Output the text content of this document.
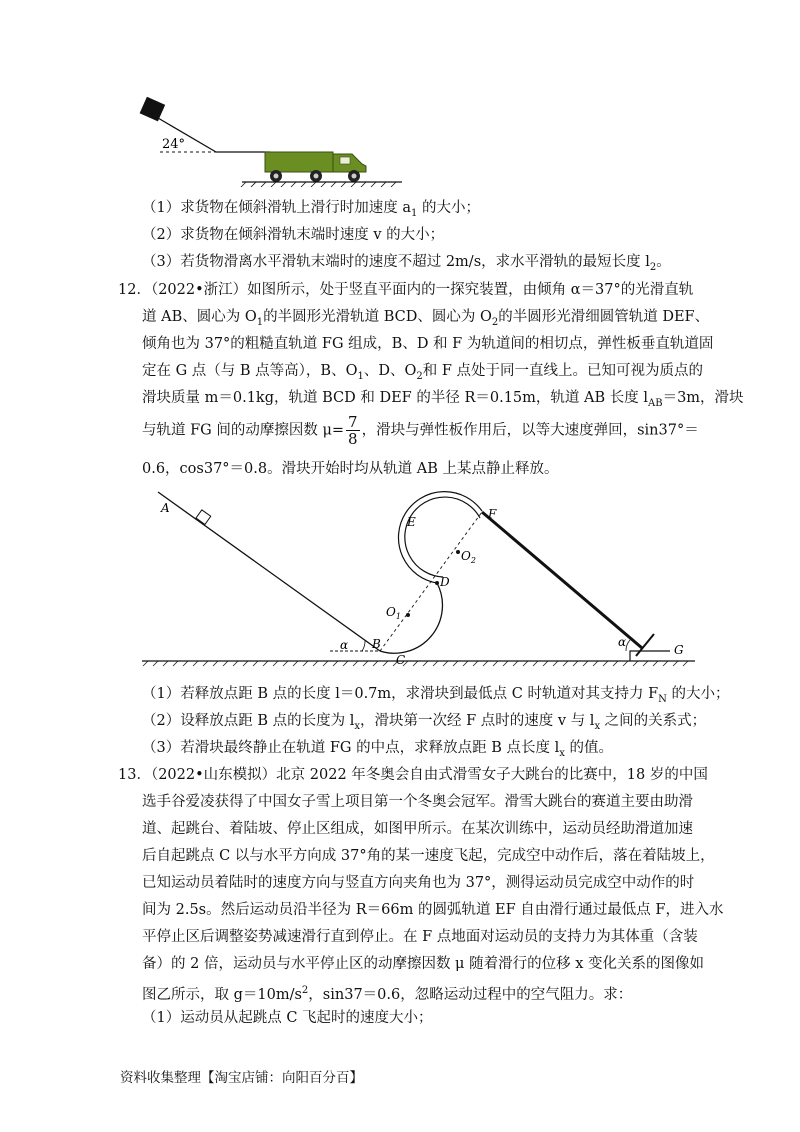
24°
（1）求货物在倾斜滑轨上滑行时加速度 $a_1$ 的大小；
（2）求货物在倾斜滑轨末端时速度 v 的大小；
（3）若货物滑离水平滑轨末端时的速度不超过 2m/s，求水平滑轨的最短长度 $l_2$。
12．（2022•浙江）如图所示，处于竖直平面内的一探究装置，由倾角 α＝37°的光滑直轨
道 AB、圆心为 $O_1$的半圆形光滑轨道 BCD、圆心为 $O_2$的半圆形光滑细圆管轨道 DEF、
倾角也为 37°的粗糙直轨道 FG 组成，B、D 和 F 为轨道间的相切点，弹性板垂直轨道固
定在 G 点（与 B 点等高），B、$O_1$、D、$O_2$和 F 点处于同一直线上。已知可视为质点的
滑块质量 m＝0.1kg，轨道 BCD 和 DEF 的半径 R＝0.15m，轨道 AB 长度 $l_{AB}=3m$，滑块
与轨道 FG 间的动摩擦因数 $\mu= \frac{7}{8}$ ，滑块与弹性板作用后，以等大速度弹回，sin37°＝
0.6，cos37°＝0.8。滑块开始时均从轨道 AB 上某点静止释放。
A
B
C
D
E
F
G
$O_1$
$O_2$
α	α
（1）若释放点距 B 点的长度 l＝0.7m，求滑块到最低点 C 时轨道对其支持力 $F_N$ 的大小；
（2）设释放点距 B 点的长度为 $l_x$，滑块第一次经 F 点时的速度 v 与 $l_x$ 之间的关系式；
（3）若滑块最终静止在轨道 FG 的中点，求释放点距 B 点长度 $l_x$ 的值。
13．（2022•山东模拟）北京 2022 年冬奥会自由式滑雪女子大跳台的比赛中，18 岁的中国
选手谷爱凌获得了中国女子雪上项目第一个冬奥会冠军。滑雪大跳台的赛道主要由助滑
道、起跳台、着陆坡、停止区组成，如图甲所示。在某次训练中，运动员经助滑道加速
后自起跳点 C 以与水平方向成 37°角的某一速度飞起，完成空中动作后，落在着陆坡上，
已知运动员着陆时的速度方向与竖直方向夹角也为 37°，测得运动员完成空中动作的时
间为 2.5s。然后运动员沿半径为 R＝66m 的圆弧轨道 EF 自由滑行通过最低点 F，进入水
平停止区后调整姿势减速滑行直到停止。在 F 点地面对运动员的支持力为其体重（含装
备）的 2 倍，运动员与水平停止区的动摩擦因数 μ 随着滑行的位移 x 变化关系的图像如
图乙所示，取 $g=10m/s^2$，sin37＝0.6，忽略运动过程中的空气阻力。求：
（1）运动员从起跳点 C 飞起时的速度大小；
资料收集整理【淘宝店铺：向阳百分百】
